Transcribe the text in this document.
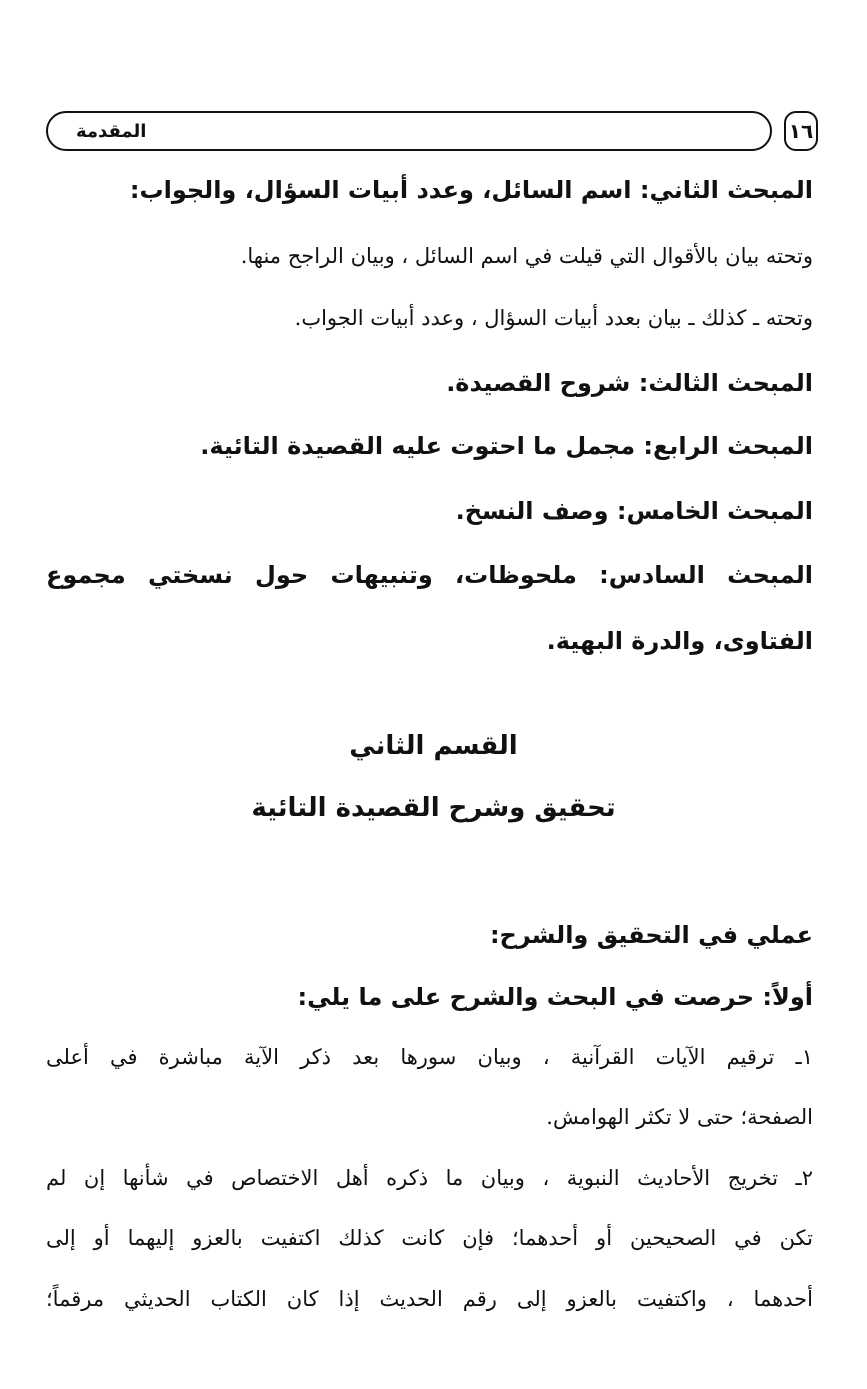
المقدمة	١٦

المبحث الثاني: اسم السائل، وعدد أبيات السؤال، والجواب:

وتحته بيان بالأقوال التي قيلت في اسم السائل ، وبيان الراجح منها.

وتحته ـ كذلك ـ بيان بعدد أبيات السؤال ، وعدد أبيات الجواب.

المبحث الثالث: شروح القصيدة.

المبحث الرابع: مجمل ما احتوت عليه القصيدة التائية.

المبحث الخامس: وصف النسخ.

المبحث السادس: ملحوظات، وتنبيهات حول نسختي مجموع

الفتاوى، والدرة البهية.

القسم الثاني
تحقيق وشرح القصيدة التائية

عملي في التحقيق والشرح:

أولاً: حرصت في البحث والشرح على ما يلي:

١ـ ترقيم الآيات القرآنية ، وبيان سورها بعد ذكر الآية مباشرة في أعلى

الصفحة؛ حتى لا تكثر الهوامش.

٢ـ تخريج الأحاديث النبوية ، وبيان ما ذكره أهل الاختصاص في شأنها إن لم

تكن في الصحيحين أو أحدهما؛ فإن كانت كذلك اكتفيت بالعزو إليهما أو إلى

أحدهما ، واكتفيت بالعزو إلى رقم الحديث إذا كان الكتاب الحديثي مرقماً؛
